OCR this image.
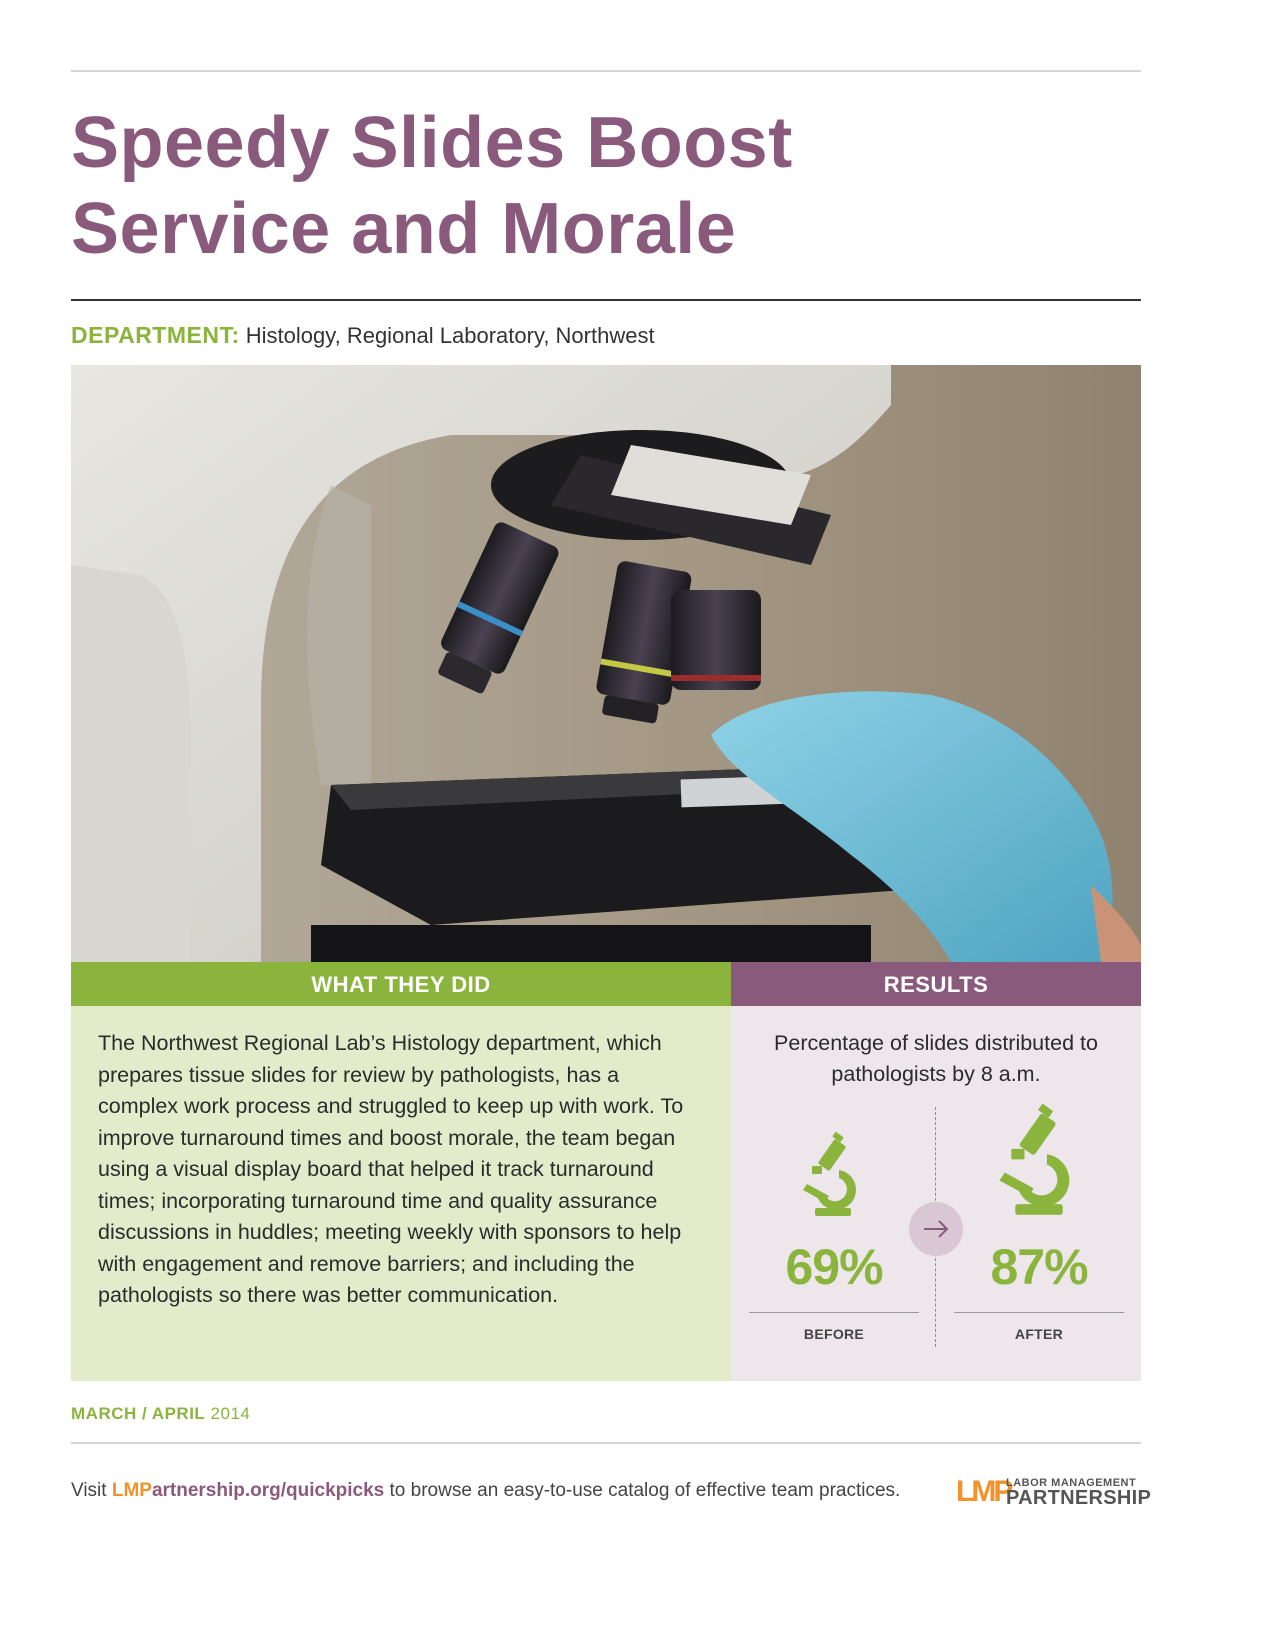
Speedy Slides Boost
Service and Morale
DEPARTMENT: Histology, Regional Laboratory, Northwest
WHAT THEY DID

The Northwest Regional Lab’s Histology department, which prepares tissue slides for review by pathologists, has a complex work process and struggled to keep up with work. To improve turnaround times and boost morale, the team began using a visual display board that helped it track turnaround times; incorporating turnaround time and quality assurance discussions in huddles; meeting weekly with sponsors to help with engagement and remove barriers; and including the pathologists so there was better communication.

RESULTS
Percentage of slides distributed to pathologists by 8 a.m.
69%	87%
BEFORE	AFTER
MARCH / APRIL 2014
Visit LMPartnership.org/quickpicks to browse an easy-to-use catalog of effective team practices. LMP
LABOR MANAGEMENT
PARTNERSHIP
